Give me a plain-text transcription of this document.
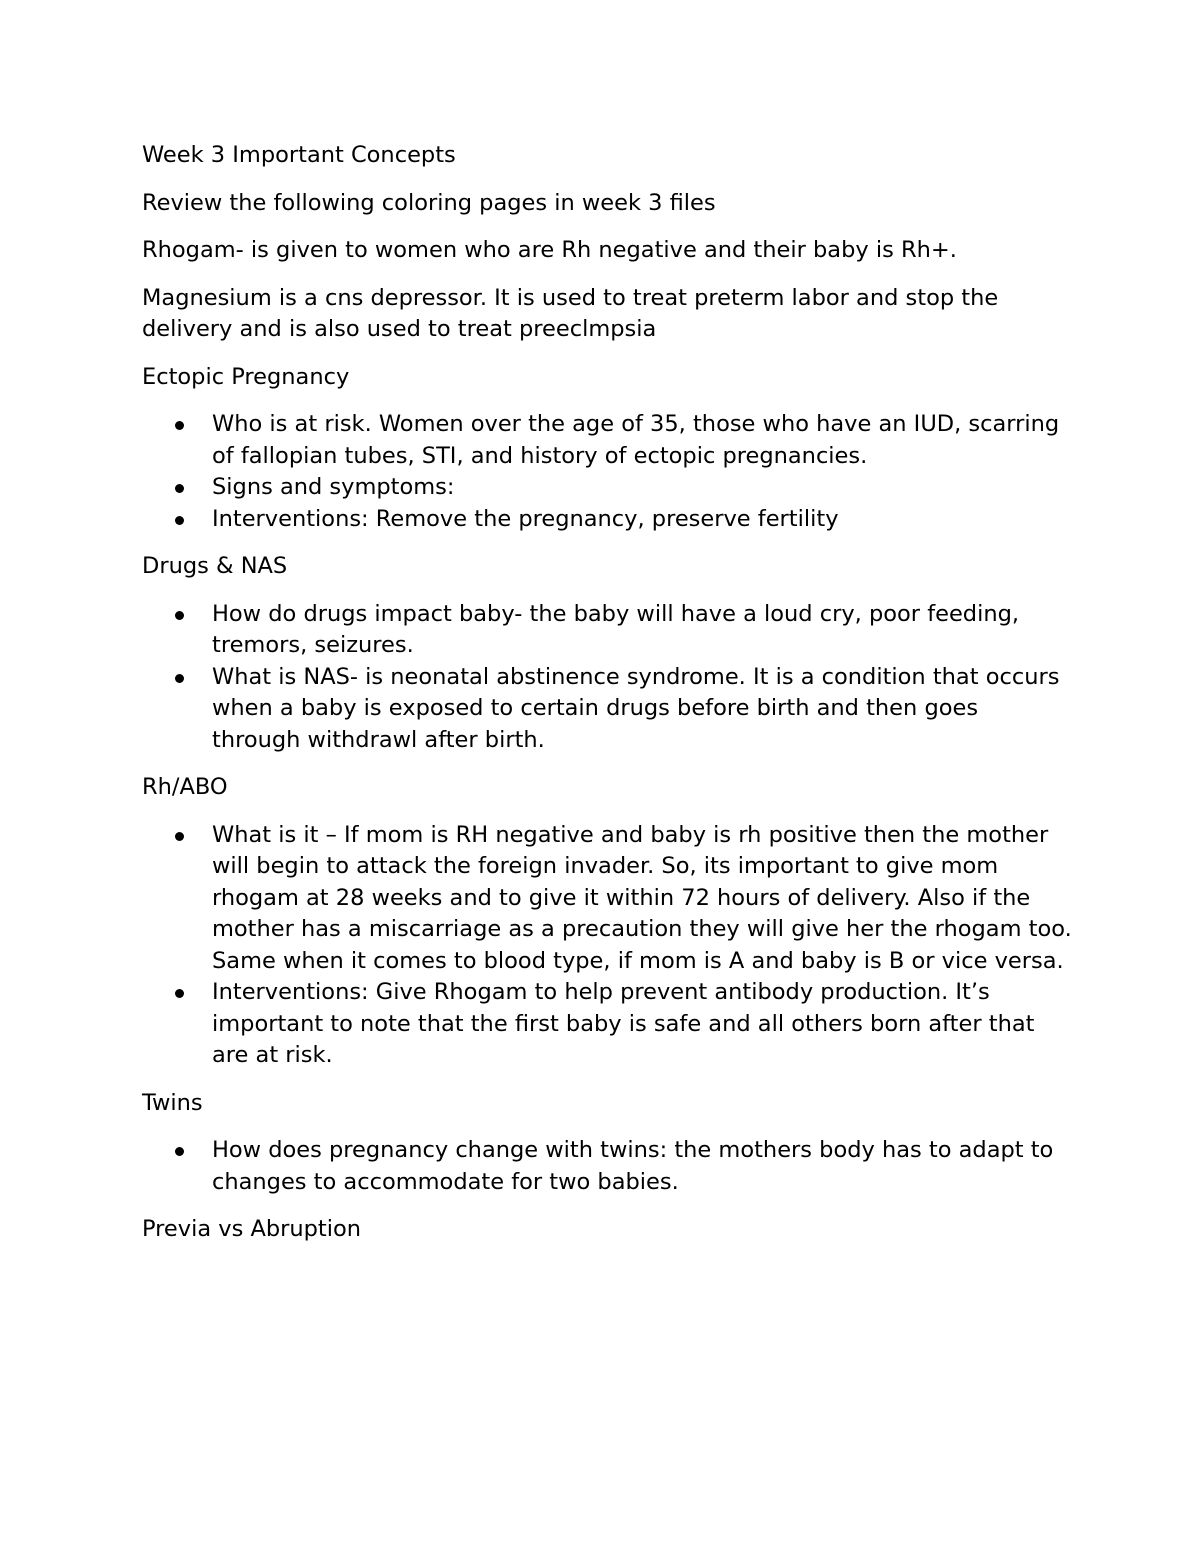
Week 3 Important Concepts

Review the following coloring pages in week 3 files

Rhogam- is given to women who are Rh negative and their baby is Rh+.

Magnesium is a cns depressor. It is used to treat preterm labor and stop the delivery and is also used to treat preeclmpsia

Ectopic Pregnancy

Who is at risk. Women over the age of 35, those who have an IUD, scarring of fallopian tubes, STI, and history of ectopic pregnancies.
Signs and symptoms:
Interventions: Remove the pregnancy, preserve fertility

Drugs & NAS

How do drugs impact baby- the baby will have a loud cry, poor feeding, tremors, seizures.
What is NAS- is neonatal abstinence syndrome. It is a condition that occurs when a baby is exposed to certain drugs before birth and then goes through withdrawl after birth.

Rh/ABO

What is it – If mom is RH negative and baby is rh positive then the mother will begin to attack the foreign invader. So, its important to give mom rhogam at 28 weeks and to give it within 72 hours of delivery. Also if the mother has a miscarriage as a precaution they will give her the rhogam too.
Same when it comes to blood type, if mom is A and baby is B or vice versa.
Interventions: Give Rhogam to help prevent antibody production. It’s important to note that the first baby is safe and all others born after that are at risk.

Twins

How does pregnancy change with twins: the mothers body has to adapt to changes to accommodate for two babies.

Previa vs Abruption
